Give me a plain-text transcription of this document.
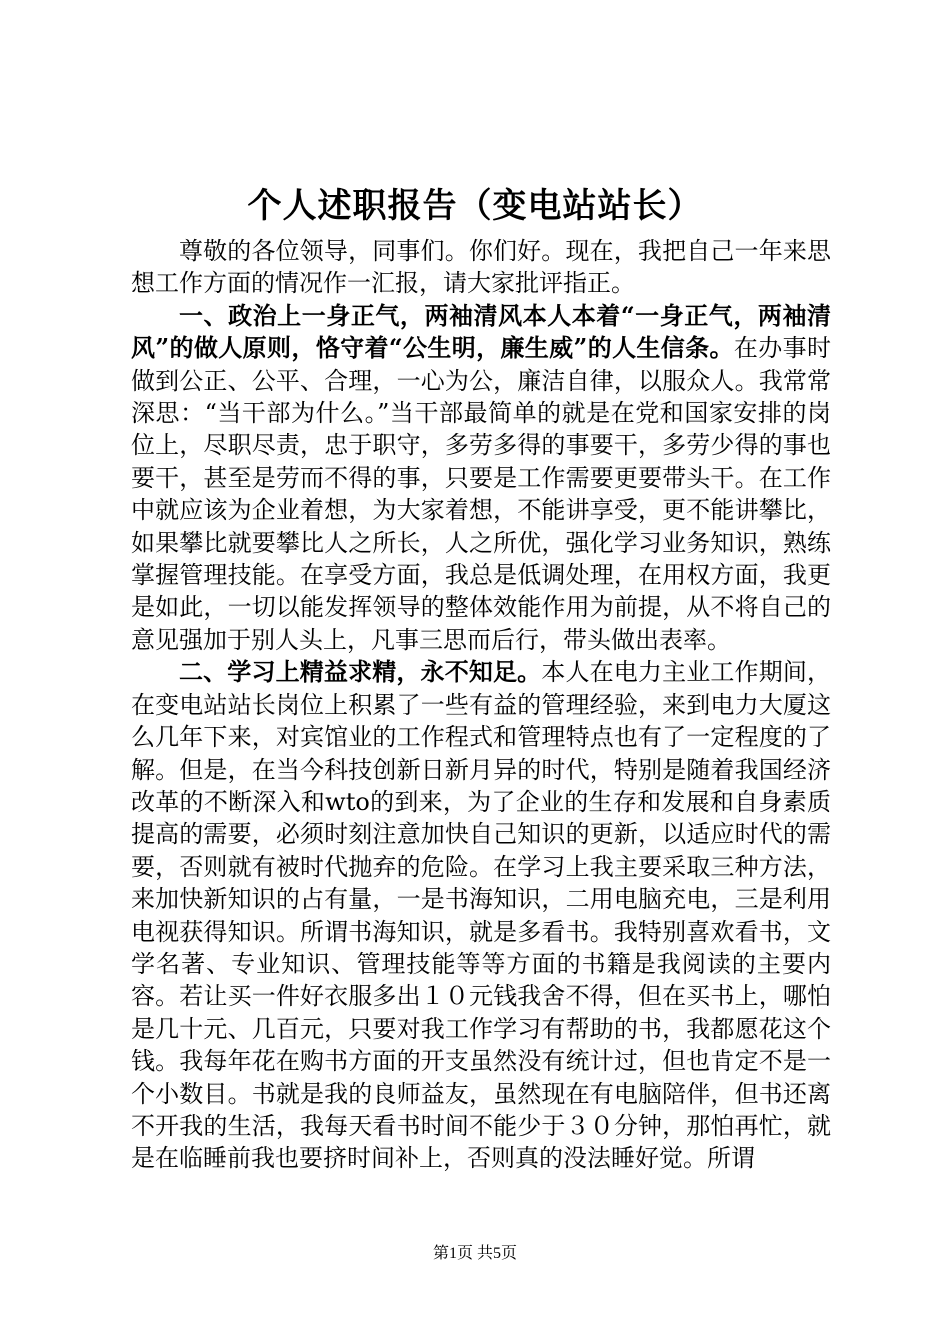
个人述职报告（变电站站长）

尊敬的各位领导，同事们。你们好。现在，我把自己一年来思想工作方面的情况作一汇报，请大家批评指正。

一、政治上一身正气，两袖清风本人本着“一身正气，两袖清风”的做人原则，恪守着“公生明，廉生威”的人生信条。在办事时做到公正、公平、合理，一心为公，廉洁自律，以服众人。我常常深思：“当干部为什么。”当干部最简单的就是在党和国家安排的岗位上，尽职尽责，忠于职守，多劳多得的事要干，多劳少得的事也要干，甚至是劳而不得的事，只要是工作需要更要带头干。在工作中就应该为企业着想，为大家着想，不能讲享受，更不能讲攀比，如果攀比就要攀比人之所长，人之所优，强化学习业务知识，熟练掌握管理技能。在享受方面，我总是低调处理，在用权方面，我更是如此，一切以能发挥领导的整体效能作用为前提，从不将自己的意见强加于别人头上，凡事三思而后行，带头做出表率。

二、学习上精益求精，永不知足。本人在电力主业工作期间，在变电站站长岗位上积累了一些有益的管理经验，来到电力大厦这么几年下来，对宾馆业的工作程式和管理特点也有了一定程度的了解。但是，在当今科技创新日新月异的时代，特别是随着我国经济改革的不断深入和wto的到来，为了企业的生存和发展和自身素质提高的需要，必须时刻注意加快自己知识的更新，以适应时代的需要，否则就有被时代抛弃的危险。在学习上我主要采取三种方法，来加快新知识的占有量，一是书海知识，二用电脑充电，三是利用电视获得知识。所谓书海知识，就是多看书。我特别喜欢看书，文学名著、专业知识、管理技能等等方面的书籍是我阅读的主要内容。若让买一件好衣服多出１０元钱我舍不得，但在买书上，哪怕是几十元、几百元，只要对我工作学习有帮助的书，我都愿花这个钱。我每年花在购书方面的开支虽然没有统计过，但也肯定不是一个小数目。书就是我的良师益友，虽然现在有电脑陪伴，但书还离不开我的生活，我每天看书时间不能少于３０分钟，那怕再忙，就是在临睡前我也要挤时间补上，否则真的没法睡好觉。所谓

第1页 共5页
